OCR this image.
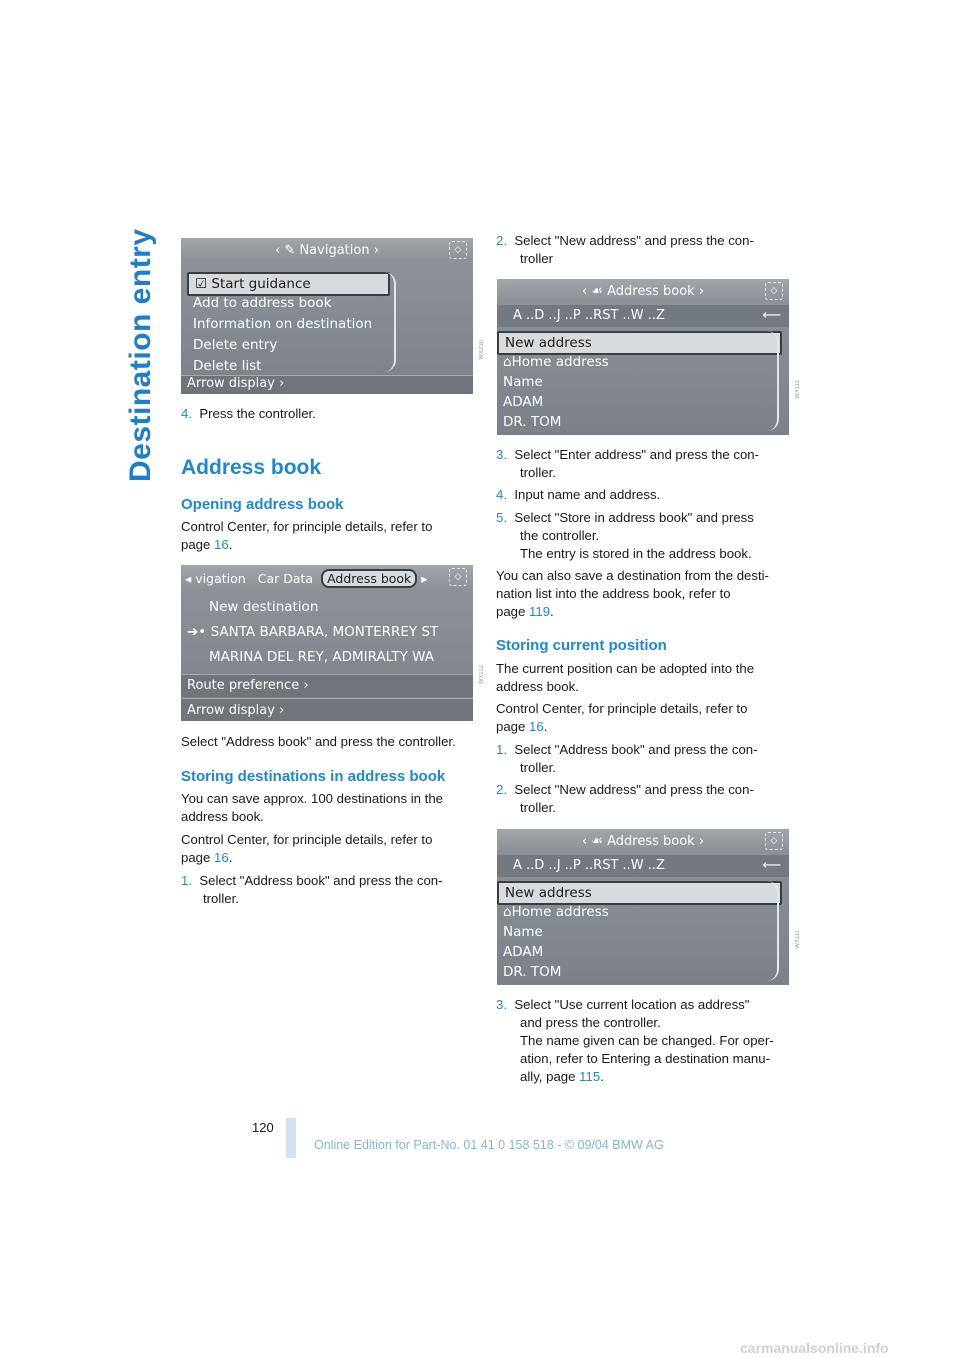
Destination entry	‹ ✎ Navigation ›	◇
☑ Start guidance
Add to address book
Information on destination
Delete entry
Delete list
Arrow display ›
WX230
4. Press the controller.
Address book
Opening address book
Control Center, for principle details, refer to
page 16.
◂ vigation Car Data	Address book ▸	◇
New destination
➔• SANTA BARBARA, MONTERREY ST
MARINA DEL REY, ADMIRALTY WA
Route preference ›
Arrow display ›
WX112
Select "Address book" and press the controller.
Storing destinations in address book
You can save approx. 100 destinations in the
address book.
Control Center, for principle details, refer to
page 16.
1. Select "Address book" and press the con-
troller.
2. Select "New address" and press the con-
troller
‹ ☙ Address book ›	◇
A ..D ..J ..P ..RST ..W ..Z	⟵
New address
⌂Home address
Name
ADAM
DR. TOM
WX111
3. Select "Enter address" and press the con-
troller.
4. Input name and address.
5. Select "Store in address book" and press
the controller.
The entry is stored in the address book.
You can also save a destination from the desti-
nation list into the address book, refer to
page 119.
Storing current position
The current position can be adopted into the
address book.
Control Center, for principle details, refer to
page 16.
1. Select "Address book" and press the con-
troller.
2. Select "New address" and press the con-
troller.
‹ ☙ Address book ›	◇
A ..D ..J ..P ..RST ..W ..Z	⟵
New address
⌂Home address
Name
ADAM
DR. TOM
WX111
3. Select "Use current location as address"
and press the controller.
The name given can be changed. For oper-
ation, refer to Entering a destination manu-
ally, page 115.
120
Online Edition for Part-No. 01 41 0 158 518 - © 09/04 BMW AG
carmanualsonline.info
